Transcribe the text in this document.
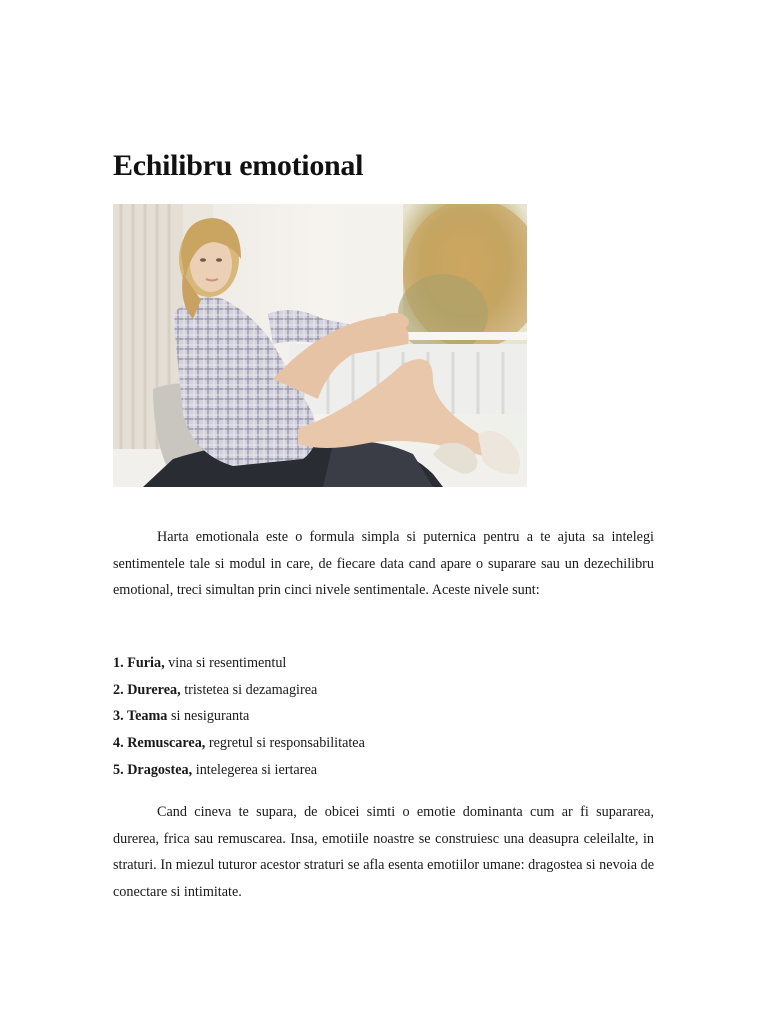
Echilibru emotional

Harta emotionala este o formula simpla si puternica pentru a te ajuta sa intelegi sentimentele tale si modul in care, de fiecare data cand apare o suparare sau un dezechilibru emotional, treci simultan prin cinci nivele sentimentale. Aceste nivele sunt:

1. Furia, vina si resentimentul
2. Durerea, tristetea si dezamagirea
3. Teama si nesiguranta
4. Remuscarea, regretul si responsabilitatea
5. Dragostea, intelegerea si iertarea

Cand cineva te supara, de obicei simti o emotie dominanta cum ar fi supararea, durerea, frica sau remuscarea. Insa, emotiile noastre se construiesc una deasupra celeilalte, in straturi. In miezul tuturor acestor straturi se afla esenta emotiilor umane: dragostea si nevoia de conectare si intimitate.
